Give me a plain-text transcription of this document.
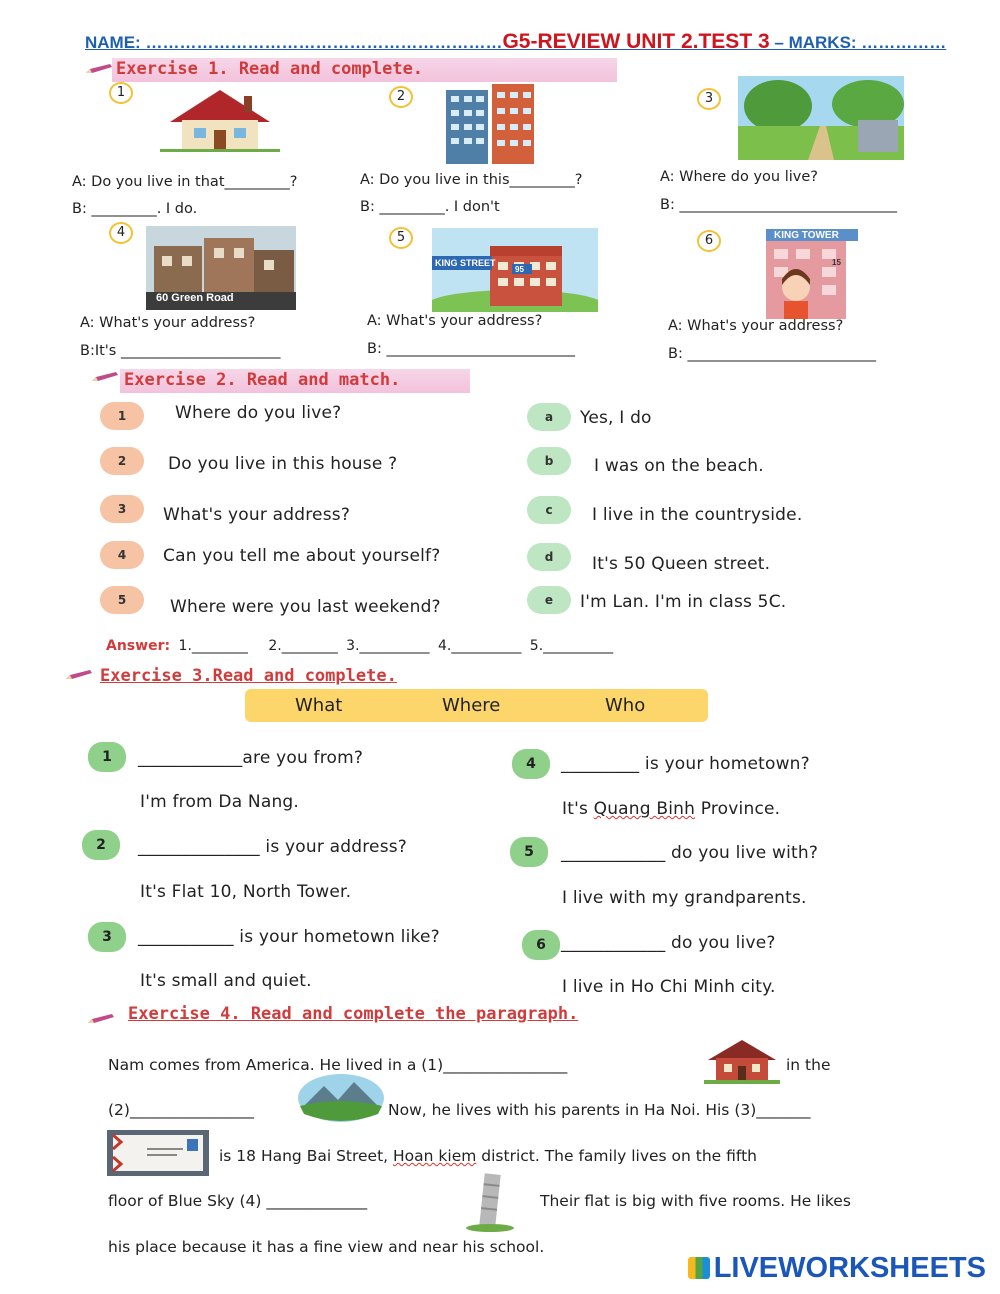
NAME: ………………………………………………………G5-REVIEW UNIT 2.TEST 3 – MARKS: ……………
Exercise 1. Read and complete.
1	2	3
4	5	6
60 Green Road
KING STREET
95
KING TOWER
15
A: Do you live in that_________?
B: _________. I do.
A: Do you live in this_________?
B: _________. I don't
A: Where do you live?
B: ______________________________
A: What's your address?
B:It's ______________________
A: What's your address?
B: __________________________
A: What's your address?
B: __________________________
Exercise 2. Read and match.
1
2
3
4
5
Where do you live?
Do you live in this house ?
What's your address?
Can you tell me about yourself?
Where were you last weekend?
a
b
c
d
e
Yes, I do
I was on the beach.
I live in the countryside.
It's 50 Queen street.
I'm Lan. I'm in class 5C.
Answer: 1.________ 2.________ 3.__________ 4.__________ 5.__________
Exercise 3.Read and complete.
What	Where	Who
1
2
3
4
5
6
____________are you from?
I'm from Da Nang.
______________ is your address?
It's Flat 10, North Tower.
___________ is your hometown like?
It's small and quiet.
_________ is your hometown?
It's Quang Binh Province.
____________ do you live with?
I live with my grandparents.
____________ do you live?
I live in Ho Chi Minh city.
Exercise 4. Read and complete the paragraph.
Nam comes from America. He lived in a (1)________________	in the
(2)________________	Now, he lives with his parents in Ha Noi. His (3)_______
is 18 Hang Bai Street, Hoan kiem district. The family lives on the fifth
floor of Blue Sky (4) _____________	Their flat is big with five rooms. He likes
his place because it has a fine view and near his school.
LIVEWORKSHEETS
